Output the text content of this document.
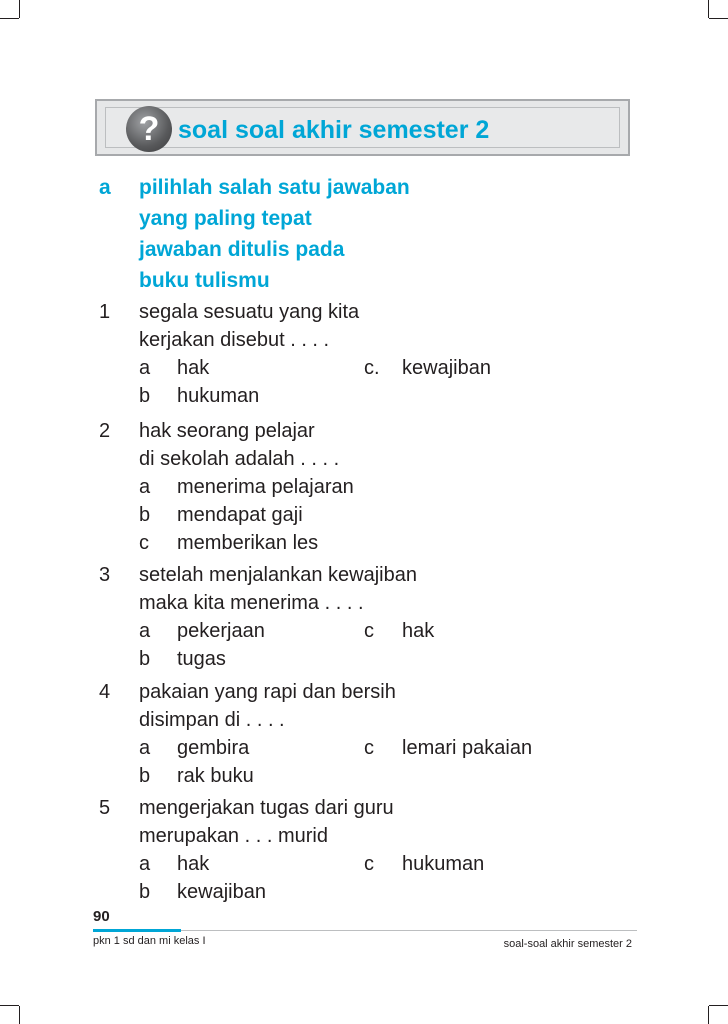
? soal soal akhir semester 2
a pilihlah salah satu jawaban
yang paling tepat
jawaban ditulis pada
buku tulismu
1 segala sesuatu yang kita
kerjakan disebut . . . .
a hak	c. kewajiban
b hukuman
2 hak seorang pelajar
di sekolah adalah . . . .
a menerima pelajaran
b mendapat gaji
c memberikan les
3 setelah menjalankan kewajiban
maka kita menerima . . . .
a pekerjaan	c hak
b tugas
4 pakaian yang rapi dan bersih
disimpan di . . . .
a gembira	c lemari pakaian
b rak buku
5 mengerjakan tugas dari guru
merupakan . . . murid
a hak	c hukuman
b kewajiban
90
pkn 1 sd dan mi kelas I	soal-soal akhir semester 2
